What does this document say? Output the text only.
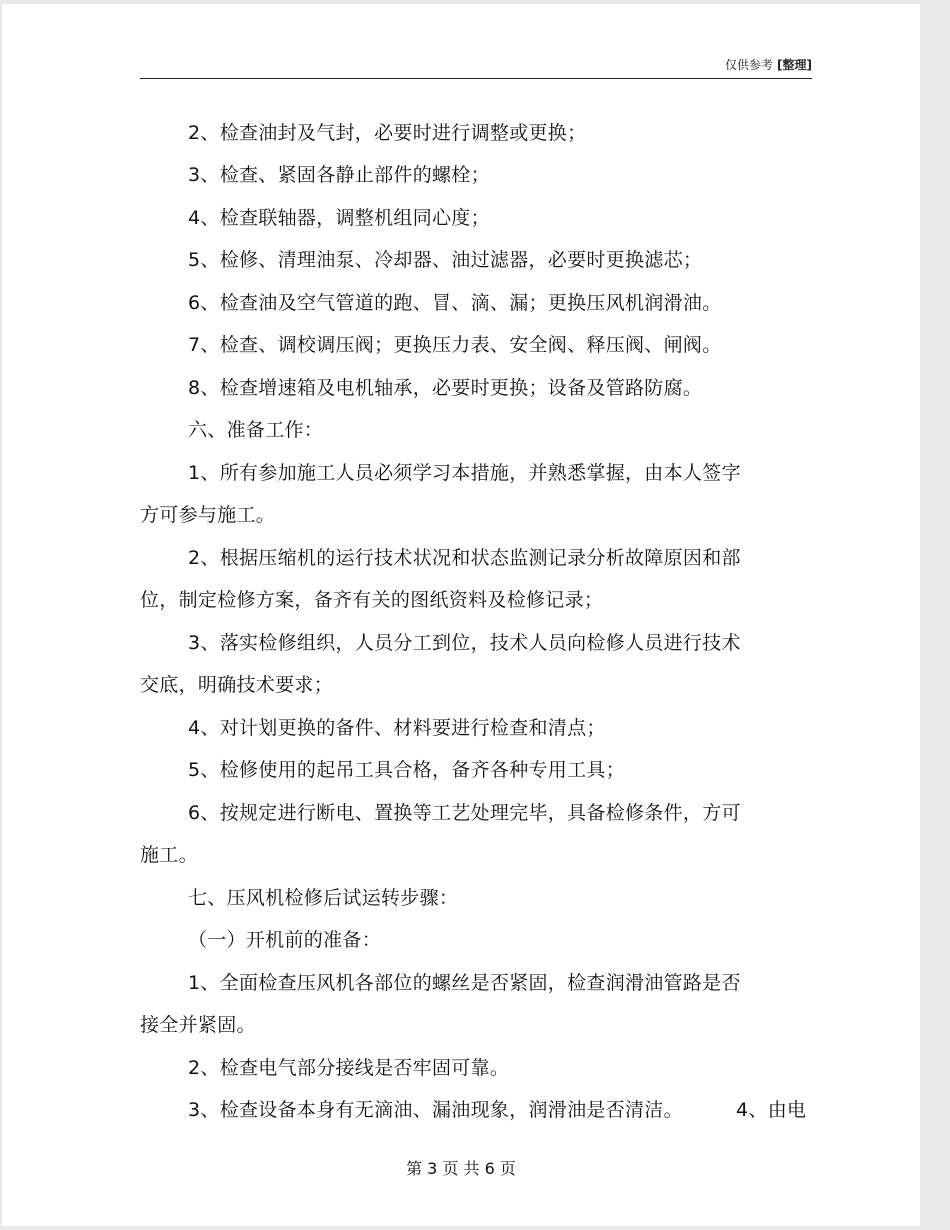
仅供参考 [整理]
2、检查油封及气封，必要时进行调整或更换；
3、检查、紧固各静止部件的螺栓；
4、检查联轴器，调整机组同心度；
5、检修、清理油泵、冷却器、油过滤器，必要时更换滤芯；
6、检查油及空气管道的跑、冒、滴、漏；更换压风机润滑油。
7、检查、调校调压阀；更换压力表、安全阀、释压阀、闸阀。
8、检查增速箱及电机轴承，必要时更换；设备及管路防腐。
六、准备工作：
1、所有参加施工人员必须学习本措施，并熟悉掌握，由本人签字
方可参与施工。
2、根据压缩机的运行技术状况和状态监测记录分析故障原因和部
位，制定检修方案，备齐有关的图纸资料及检修记录；
3、落实检修组织，人员分工到位，技术人员向检修人员进行技术
交底，明确技术要求；
4、对计划更换的备件、材料要进行检查和清点；
5、检修使用的起吊工具合格，备齐各种专用工具；
6、按规定进行断电、置换等工艺处理完毕，具备检修条件，方可
施工。
七、压风机检修后试运转步骤：
（一）开机前的准备：
1、全面检查压风机各部位的螺丝是否紧固，检查润滑油管路是否
接全并紧固。
2、检查电气部分接线是否牢固可靠。
3、检查设备本身有无滴油、漏油现象，润滑油是否清洁。	4、由电
第 3 页 共 6 页
